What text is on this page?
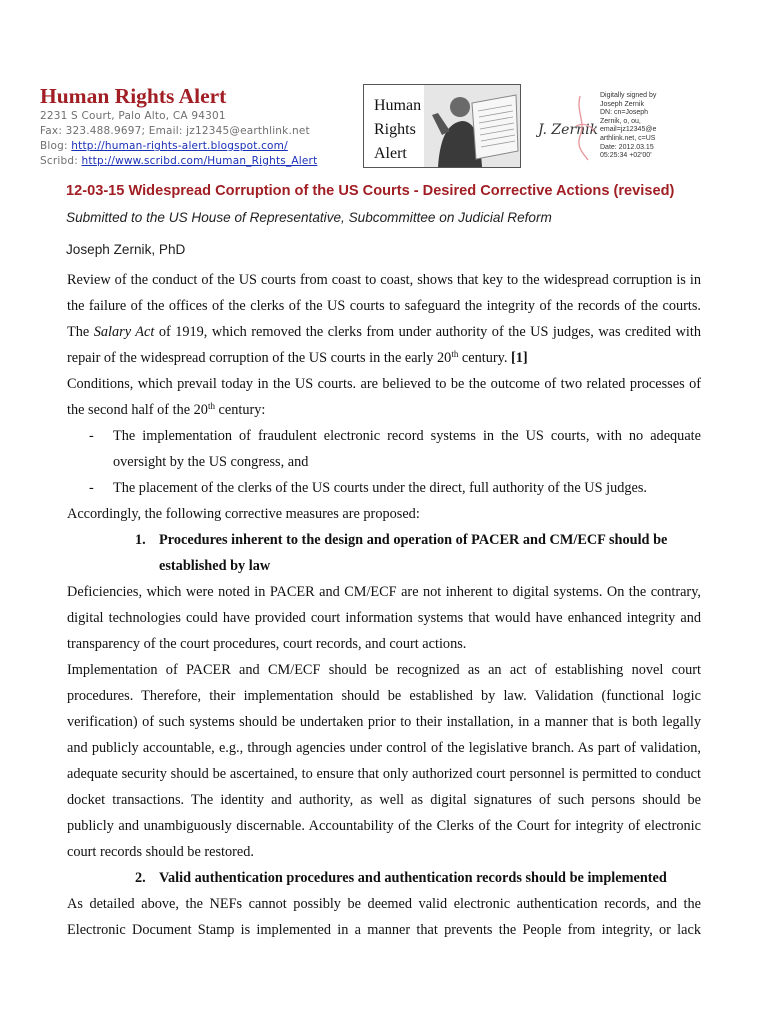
Human Rights Alert
2231 S Court, Palo Alto, CA 94301
Fax: 323.488.9697; Email: jz12345@earthlink.net
Blog: http://human-rights-alert.blogspot.com/
Scribd: http://www.scribd.com/Human_Rights_Alert
Human
Rights
Alert
J. Zernik
Digitally signed by
Joseph Zernik
DN: cn=Joseph
Zernik, o, ou,
email=jz12345@e
arthlink.net, c=US
Date: 2012.03.15
05:25:34 +02'00'
12-03-15 Widespread Corruption of the US Courts - Desired Corrective Actions (revised)
Submitted to the US House of Representative, Subcommittee on Judicial Reform
Joseph Zernik, PhD
Review of the conduct of the US courts from coast to coast, shows that key to the widespread corruption is in
the failure of the offices of the clerks of the US courts to safeguard the integrity of the records of the courts.
The Salary Act of 1919, which removed the clerks from under authority of the US judges, was credited with
repair of the widespread corruption of the US courts in the early 20th century. [1]
Conditions, which prevail today in the US courts. are believed to be the outcome of two related processes of
the second half of the 20th century:
-	The implementation of fraudulent electronic record systems in the US courts, with no adequate
oversight by the US congress, and
-	The placement of the clerks of the US courts under the direct, full authority of the US judges.
Accordingly, the following corrective measures are proposed:
1. Procedures inherent to the design and operation of PACER and CM/ECF should be
established by law
Deficiencies, which were noted in PACER and CM/ECF are not inherent to digital systems. On the contrary,
digital technologies could have provided court information systems that would have enhanced integrity and
transparency of the court procedures, court records, and court actions.
Implementation of PACER and CM/ECF should be recognized as an act of establishing novel court
procedures. Therefore, their implementation should be established by law. Validation (functional logic
verification) of such systems should be undertaken prior to their installation, in a manner that is both legally
and publicly accountable, e.g., through agencies under control of the legislative branch. As part of validation,
adequate security should be ascertained, to ensure that only authorized court personnel is permitted to conduct
docket transactions. The identity and authority, as well as digital signatures of such persons should be
publicly and unambiguously discernable. Accountability of the Clerks of the Court for integrity of electronic
court records should be restored.
2. Valid authentication procedures and authentication records should be implemented
As detailed above, the NEFs cannot possibly be deemed valid electronic authentication records, and the
Electronic Document Stamp is implemented in a manner that prevents the People from integrity, or lack
